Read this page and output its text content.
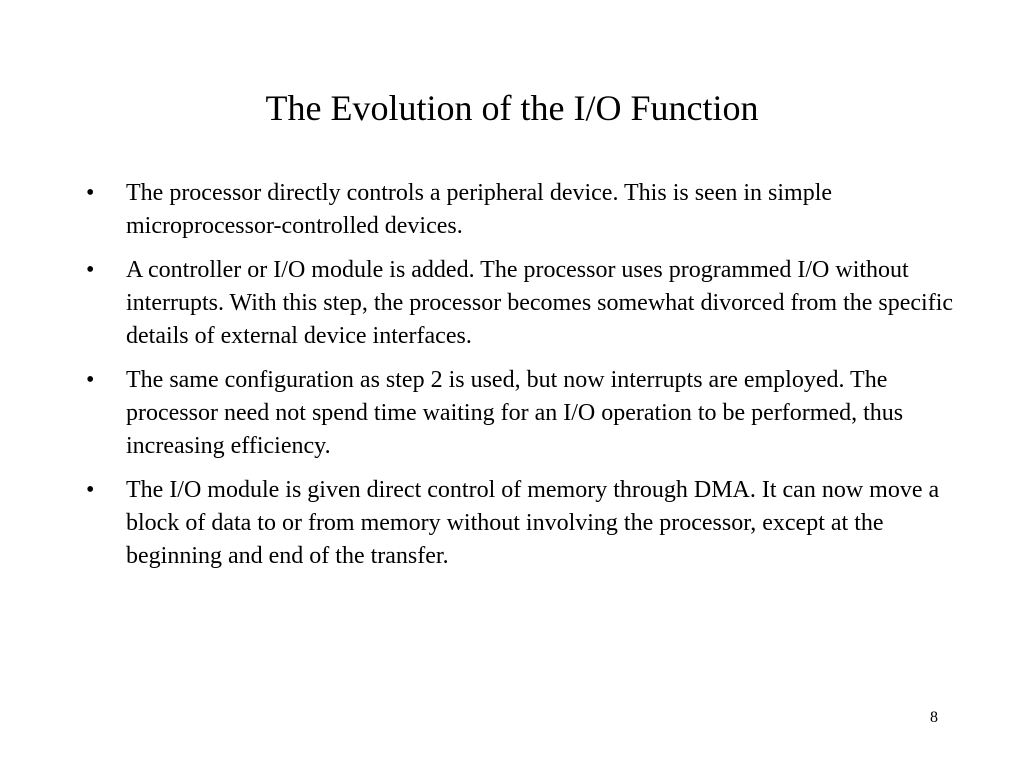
The Evolution of the I/O Function
•	The processor directly controls a peripheral device. This is seen in simple microprocessor-controlled devices.
•	A controller or I/O module is added. The processor uses programmed I/O without interrupts. With this step, the processor becomes somewhat divorced from the specific details of external device interfaces.
•	The same configuration as step 2 is used, but now interrupts are employed. The processor need not spend time waiting for an I/O operation to be performed, thus increasing efficiency.
•	The I/O module is given direct control of memory through DMA. It can now move a block of data to or from memory without involving the processor, except at the beginning and end of the transfer.
8
